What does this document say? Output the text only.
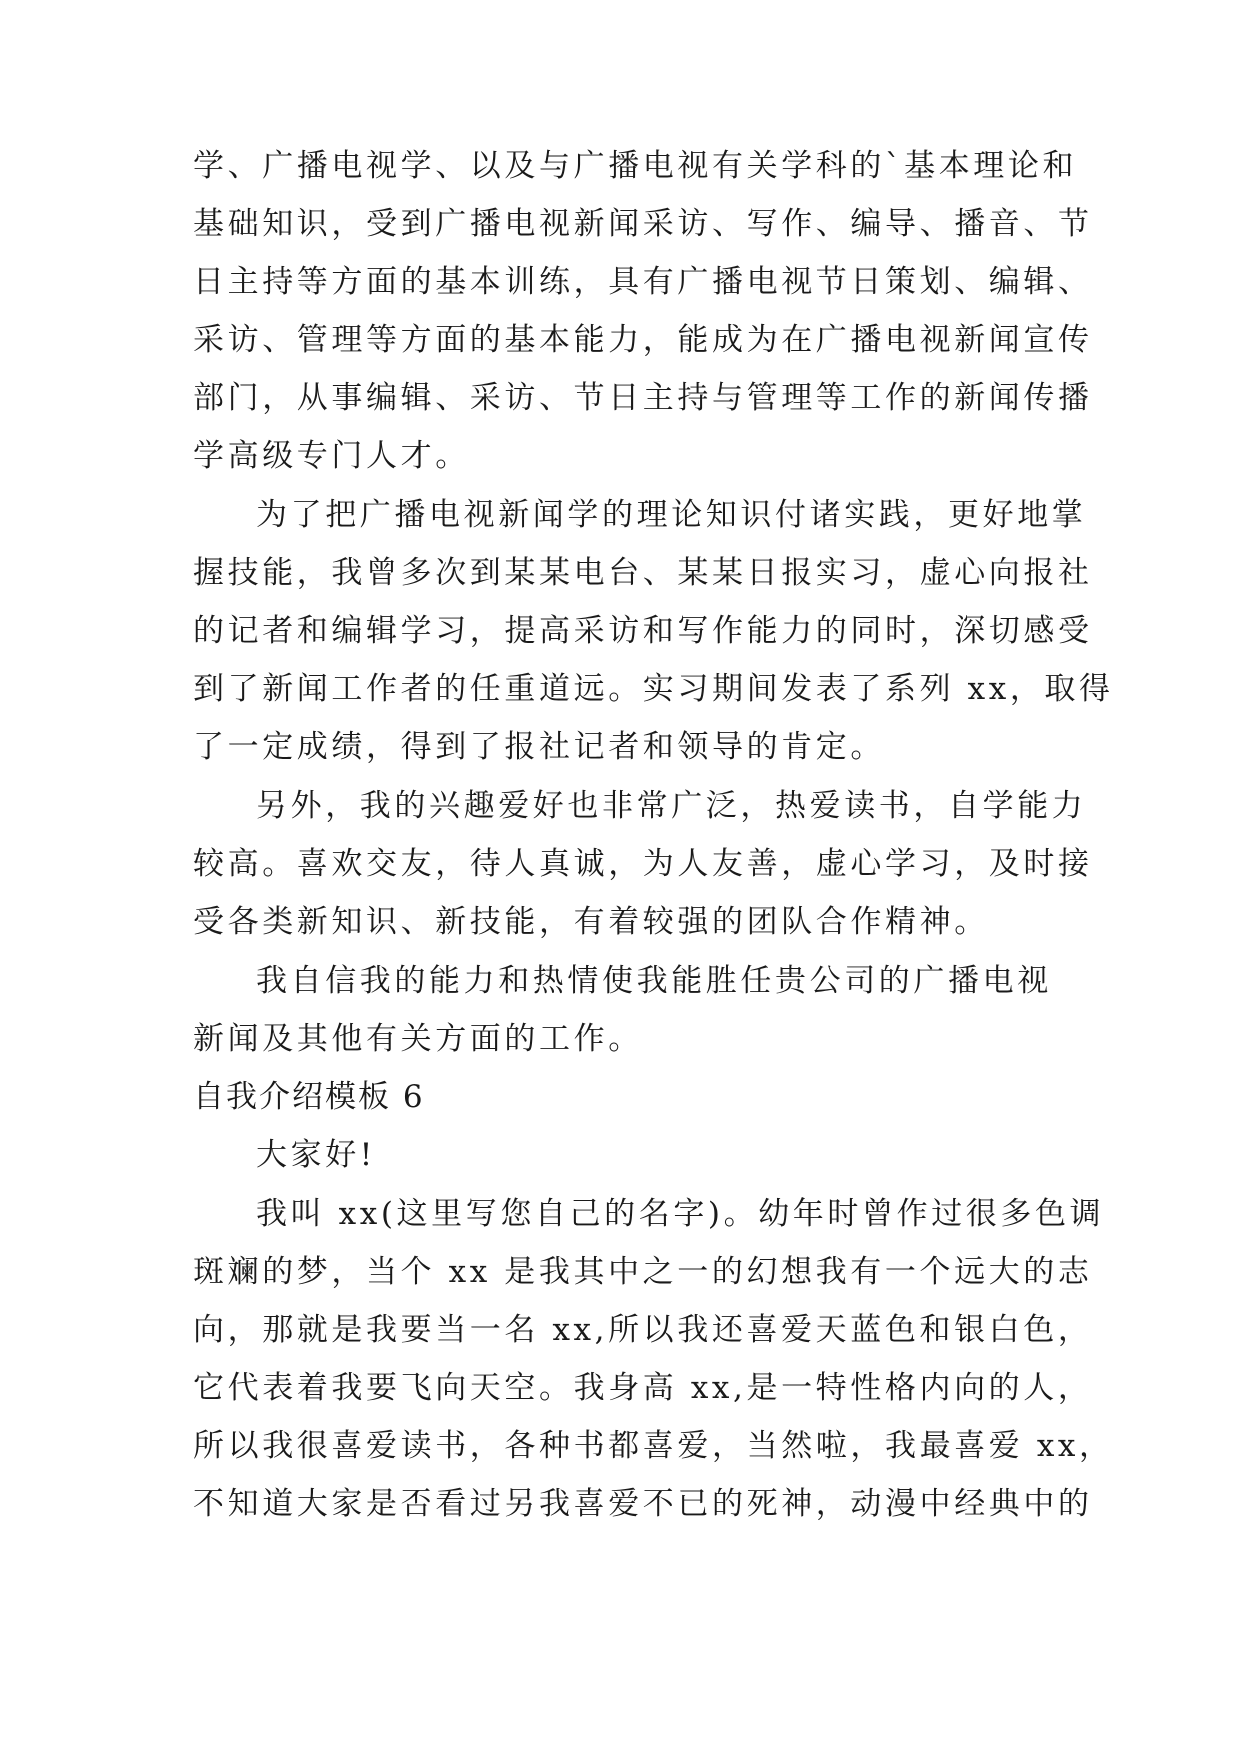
学、广播电视学、以及与广播电视有关学科的`基本理论和

基础知识，受到广播电视新闻采访、写作、编导、播音、节

日主持等方面的基本训练，具有广播电视节日策划、编辑、

采访、管理等方面的基本能力，能成为在广播电视新闻宣传

部门，从事编辑、采访、节日主持与管理等工作的新闻传播

学高级专门人才。

为了把广播电视新闻学的理论知识付诸实践，更好地掌

握技能，我曾多次到某某电台、某某日报实习，虚心向报社

的记者和编辑学习，提高采访和写作能力的同时，深切感受

到了新闻工作者的任重道远。实习期间发表了系列 xx，取得

了一定成绩，得到了报社记者和领导的肯定。

另外，我的兴趣爱好也非常广泛，热爱读书，自学能力

较高。喜欢交友，待人真诚，为人友善，虚心学习，及时接

受各类新知识、新技能，有着较强的团队合作精神。

我自信我的能力和热情使我能胜任贵公司的广播电视

新闻及其他有关方面的工作。

自我介绍模板 6

大家好!

我叫 xx(这里写您自己的名字)。幼年时曾作过很多色调

斑斓的梦，当个 xx 是我其中之一的幻想我有一个远大的志

向，那就是我要当一名 xx,所以我还喜爱天蓝色和银白色，

它代表着我要飞向天空。我身高 xx,是一特性格内向的人，

所以我很喜爱读书，各种书都喜爱，当然啦，我最喜爱 xx，

不知道大家是否看过另我喜爱不已的死神，动漫中经典中的
